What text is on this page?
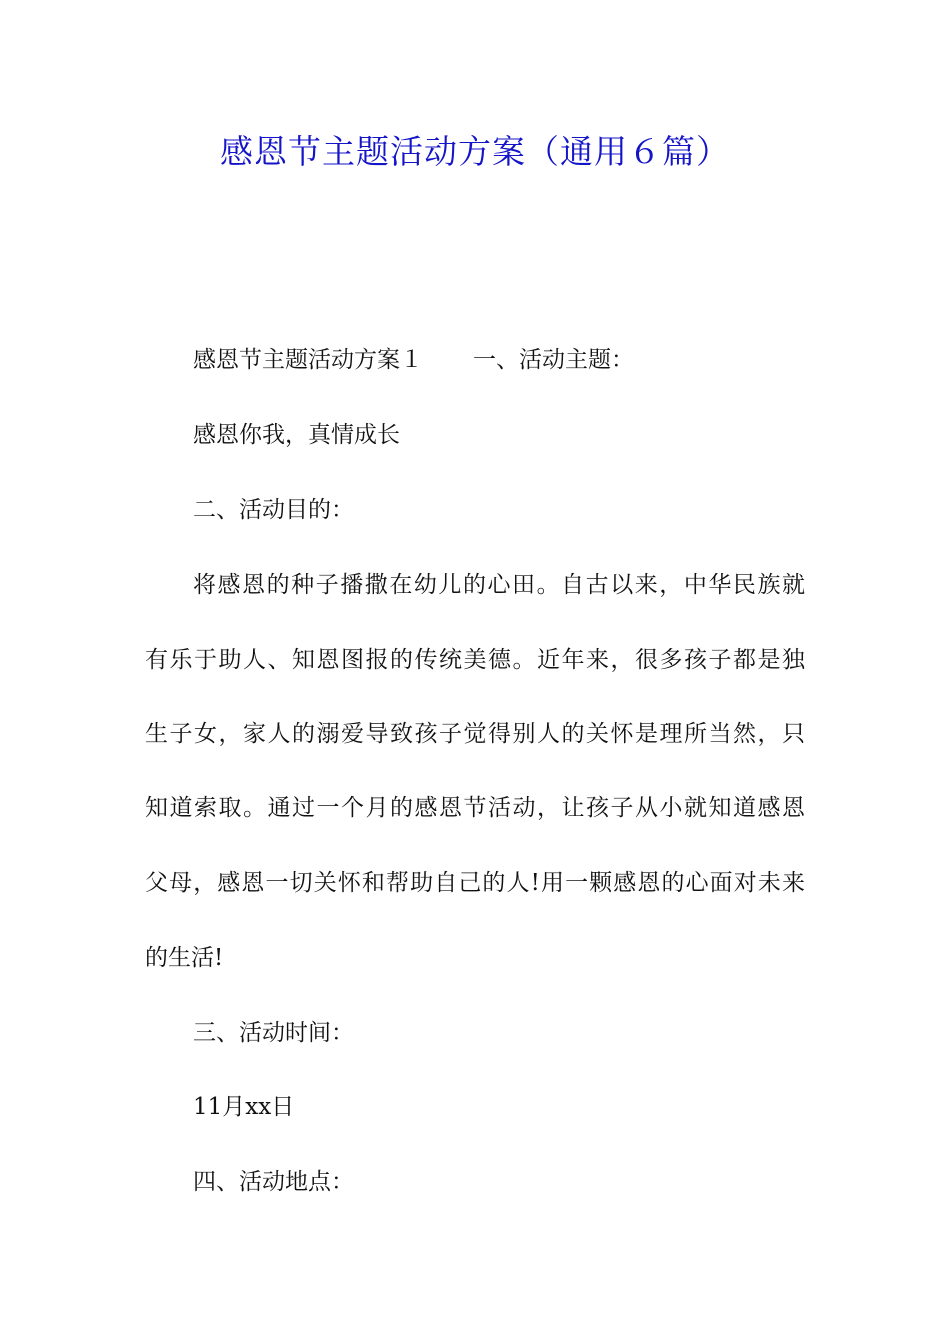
感恩节主题活动方案（通用６篇）
感恩节主题活动方案１ 一、活动主题：
感恩你我，真情成长
二、活动目的：
将感恩的种子播撒在幼儿的心田。自古以来，中华民族就
有乐于助人、知恩图报的传统美德。近年来，很多孩子都是独
生子女，家人的溺爱导致孩子觉得别人的关怀是理所当然，只
知道索取。通过一个月的感恩节活动，让孩子从小就知道感恩
父母，感恩一切关怀和帮助自己的人!用一颗感恩的心面对未来
的生活!
三、活动时间：
11月xx日
四、活动地点：
